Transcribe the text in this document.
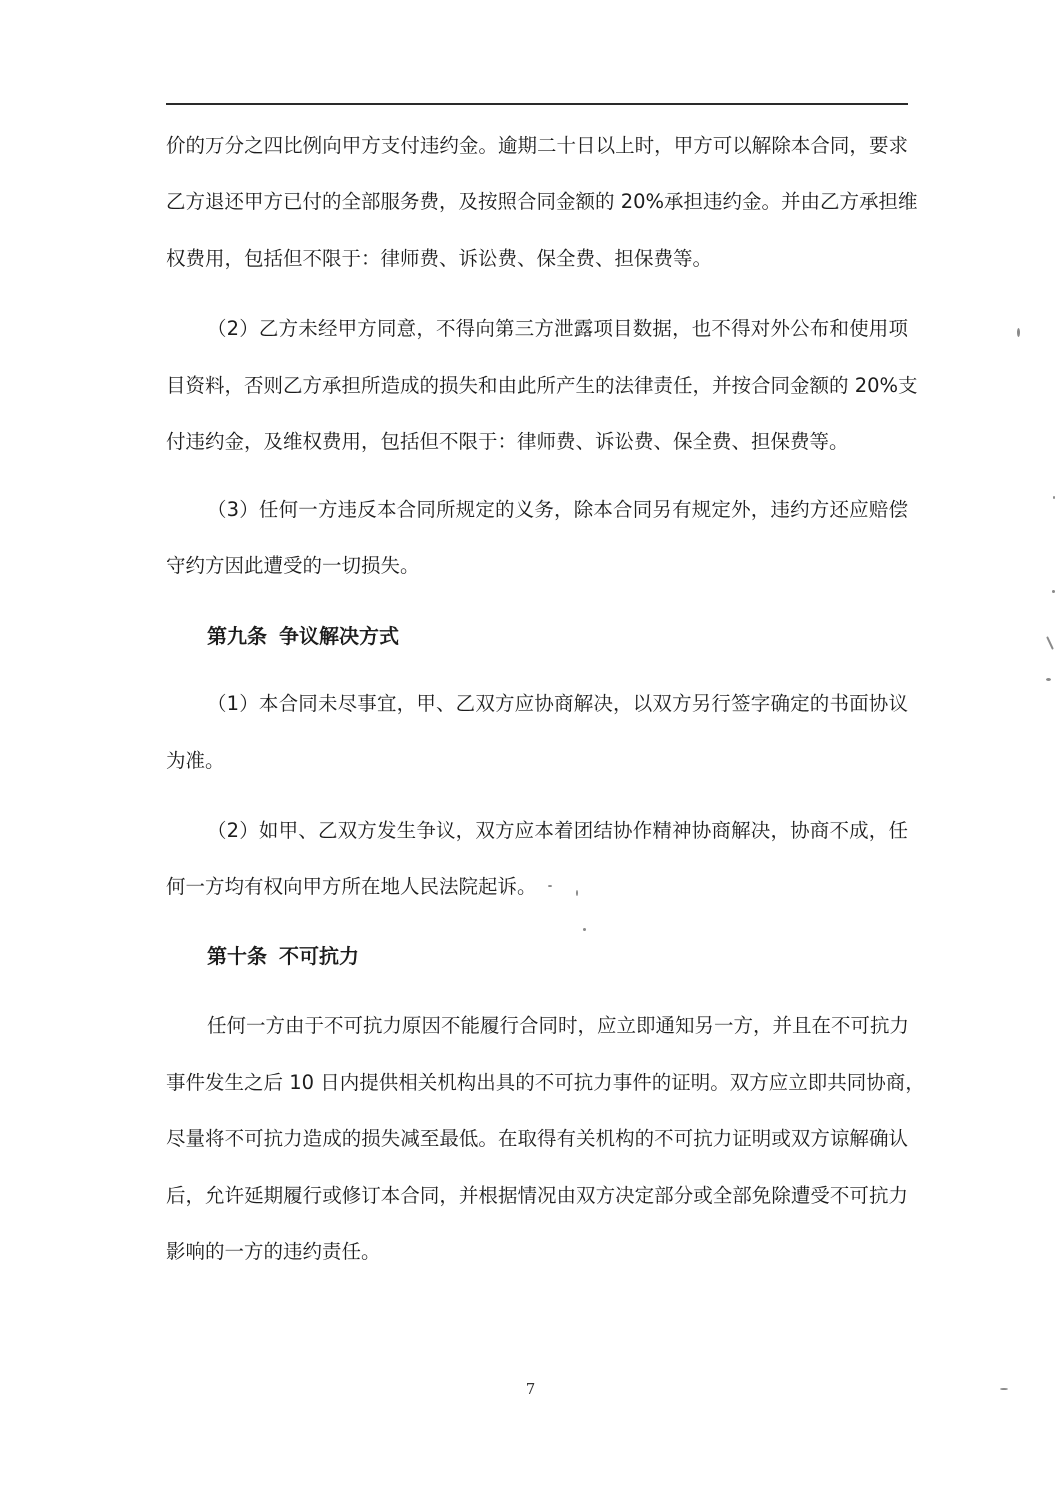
价的万分之四比例向甲方支付违约金。逾期二十日以上时，甲方可以解除本合同，要求
乙方退还甲方已付的全部服务费，及按照合同金额的 20%承担违约金。并由乙方承担维
权费用，包括但不限于：律师费、诉讼费、保全费、担保费等。
（2）乙方未经甲方同意，不得向第三方泄露项目数据，也不得对外公布和使用项
目资料，否则乙方承担所造成的损失和由此所产生的法律责任，并按合同金额的 20%支
付违约金，及维权费用，包括但不限于：律师费、诉讼费、保全费、担保费等。
（3）任何一方违反本合同所规定的义务，除本合同另有规定外，违约方还应赔偿
守约方因此遭受的一切损失。
第九条 争议解决方式
（1）本合同未尽事宜，甲、乙双方应协商解决，以双方另行签字确定的书面协议
为准。
（2）如甲、乙双方发生争议，双方应本着团结协作精神协商解决，协商不成，任
何一方均有权向甲方所在地人民法院起诉。
第十条 不可抗力
任何一方由于不可抗力原因不能履行合同时，应立即通知另一方，并且在不可抗力
事件发生之后 10 日内提供相关机构出具的不可抗力事件的证明。双方应立即共同协商，
尽量将不可抗力造成的损失减至最低。在取得有关机构的不可抗力证明或双方谅解确认
后，允许延期履行或修订本合同，并根据情况由双方决定部分或全部免除遭受不可抗力
影响的一方的违约责任。
7
